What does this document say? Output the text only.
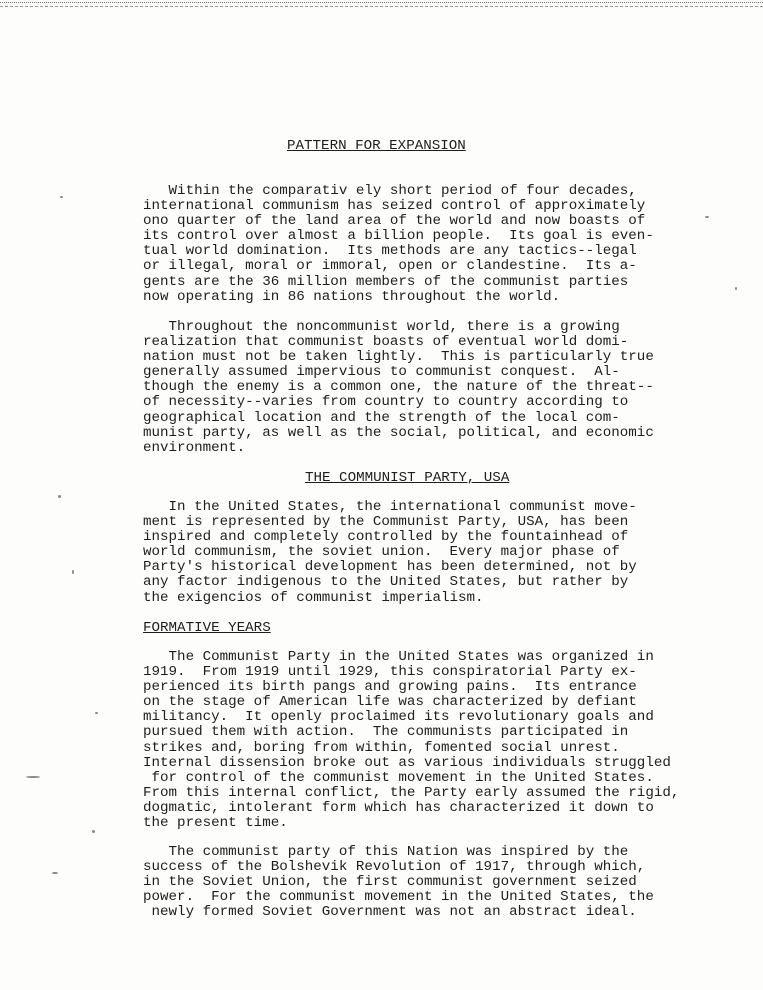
PATTERN FOR EXPANSION
Within the comparativ ely short period of four decades,
international communism has seized control of approximately
ono quarter of the land area of the world and now boasts of
its control over almost a billion people.  Its goal is even-
tual world domination.  Its methods are any tactics--legal
or illegal, moral or immoral, open or clandestine.  Its a-
gents are the 36 million members of the communist parties
now operating in 86 nations throughout the world.
Throughout the noncommunist world, there is a growing
realization that communist boasts of eventual world domi-
nation must not be taken lightly.  This is particularly true
generally assumed impervious to communist conquest.  Al-
though the enemy is a common one, the nature of the threat--
of necessity--varies from country to country according to
geographical location and the strength of the local com-
munist party, as well as the social, political, and economic
environment.
THE COMMUNIST PARTY, USA
In the United States, the international communist move-
ment is represented by the Communist Party, USA, has been
inspired and completely controlled by the fountainhead of
world communism, the soviet union.  Every major phase of
Party's historical development has been determined, not by
any factor indigenous to the United States, but rather by
the exigencios of communist imperialism.
FORMATIVE YEARS
The Communist Party in the United States was organized in
1919.  From 1919 until 1929, this conspiratorial Party ex-
perienced its birth pangs and growing pains.  Its entrance
on the stage of American life was characterized by defiant
militancy.  It openly proclaimed its revolutionary goals and
pursued them with action.  The communists participated in
strikes and, boring from within, fomented social unrest.
Internal dissension broke out as various individuals struggled
for control of the communist movement in the United States.
From this internal conflict, the Party early assumed the rigid,
dogmatic, intolerant form which has characterized it down to
the present time.
The communist party of this Nation was inspired by the
success of the Bolshevik Revolution of 1917, through which,
in the Soviet Union, the first communist government seized
power.  For the communist movement in the United States, the
newly formed Soviet Government was not an abstract ideal.
